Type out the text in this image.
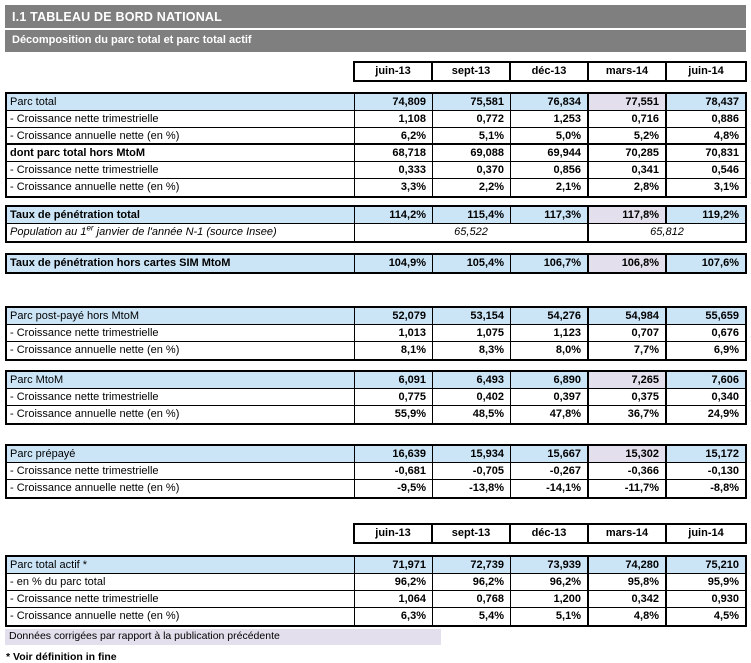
I.1 TABLEAU DE BORD NATIONAL
Décomposition du parc total et parc total actif
juin-13	sept-13	déc-13	mars-14	juin-14
Parc total	74,809	75,581	76,834	77,551	78,437
- Croissance nette trimestrielle	1,108	0,772	1,253	0,716	0,886
- Croissance annuelle nette (en %)	6,2%	5,1%	5,0%	5,2%	4,8%
dont parc total hors MtoM	68,718	69,088	69,944	70,285	70,831
- Croissance nette trimestrielle	0,333	0,370	0,856	0,341	0,546
- Croissance annuelle nette (en %)	3,3%	2,2%	2,1%	2,8%	3,1%
Taux de pénétration total	114,2%	115,4%	117,3%	117,8%	119,2%
Population au 1er janvier de l'année N-1 (source Insee)	65,522	65,812
Taux de pénétration hors cartes SIM MtoM	104,9%	105,4%	106,7%	106,8%	107,6%
Parc post-payé hors MtoM	52,079	53,154	54,276	54,984	55,659
- Croissance nette trimestrielle	1,013	1,075	1,123	0,707	0,676
- Croissance annuelle nette (en %)	8,1%	8,3%	8,0%	7,7%	6,9%
Parc MtoM	6,091	6,493	6,890	7,265	7,606
- Croissance nette trimestrielle	0,775	0,402	0,397	0,375	0,340
- Croissance annuelle nette (en %)	55,9%	48,5%	47,8%	36,7%	24,9%
Parc prépayé	16,639	15,934	15,667	15,302	15,172
- Croissance nette trimestrielle	-0,681	-0,705	-0,267	-0,366	-0,130
- Croissance annuelle nette (en %)	-9,5%	-13,8%	-14,1%	-11,7%	-8,8%
juin-13	sept-13	déc-13	mars-14	juin-14
Parc total actif *	71,971	72,739	73,939	74,280	75,210
- en % du parc total	96,2%	96,2%	96,2%	95,8%	95,9%
- Croissance nette trimestrielle	1,064	0,768	1,200	0,342	0,930
- Croissance annuelle nette (en %)	6,3%	5,4%	5,1%	4,8%	4,5%
Données corrigées par rapport à la publication précédente
* Voir définition in fine
